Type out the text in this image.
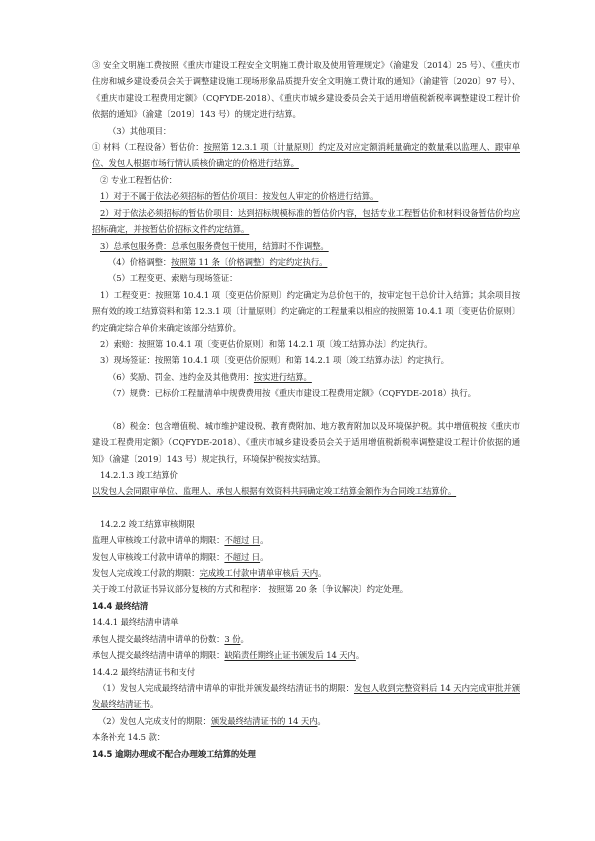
③ 安全文明施工费按照《重庆市建设工程安全文明施工费计取及使用管理规定》（渝建发〔2014〕25 号）、《重庆市住房和城乡建设委员会关于调整建设施工现场形象品质提升安全文明施工费计取的通知》（渝建管〔2020〕97 号）、《重庆市建设工程费用定额》（CQFYDE-2018）、《重庆市城乡建设委员会关于适用增值税新税率调整建设工程计价依据的通知》（渝建〔2019〕143 号）的规定进行结算。

（3）其他项目：

① 材料（工程设备）暂估价：按照第 12.3.1 项〔计量原则〕约定及对应定额消耗量确定的数量乘以监理人、跟审单位、发包人根据市场行情认质核价确定的价格进行结算。

② 专业工程暂估价：

1）对于不属于依法必须招标的暂估价项目：按发包人审定的价格进行结算。

2）对于依法必须招标的暂估价项目：达到招标规模标准的暂估价内容，包括专业工程暂估价和材料设备暂估价均应招标确定，并按暂估价招标文件约定结算。

3）总承包服务费：总承包服务费包干使用，结算时不作调整。

（4）价格调整：按照第 11 条〔价格调整〕约定约定执行。

（5）工程变更、索赔与现场签证：

1）工程变更：按照第 10.4.1 项〔变更估价原则〕约定确定为总价包干的，按审定包干总价计入结算；其余项目按照有效的竣工结算资料和第 12.3.1 项〔计量原则〕约定确定的工程量乘以相应的按照第 10.4.1 项〔变更估价原则〕约定确定综合单价来确定该部分结算价。

2）索赔：按照第 10.4.1 项〔变更估价原则〕和第 14.2.1 项〔竣工结算办法〕约定执行。

3）现场签证：按照第 10.4.1 项〔变更估价原则〕和第 14.2.1 项〔竣工结算办法〕约定执行。

（6）奖励、罚金、违约金及其他费用：按实进行结算。

（7）规费：已标价工程量清单中规费费用按《重庆市建设工程费用定额》（CQFYDE-2018）执行。

（8）税金：包含增值税、城市维护建设税、教育费附加、地方教育附加以及环境保护税。其中增值税按《重庆市建设工程费用定额》（CQFYDE-2018）、《重庆市城乡建设委员会关于适用增值税新税率调整建设工程计价依据的通知》（渝建〔2019〕143 号）规定执行，环境保护税按实结算。

14.2.1.3 竣工结算价

以发包人会同跟审单位、监理人、承包人根据有效资料共同确定竣工结算金额作为合同竣工结算价。

14.2.2 竣工结算审核期限

监理人审核竣工付款申请单的期限：不超过 日。

发包人审核竣工付款申请单的期限：不超过 日。

发包人完成竣工付款的期限：完成竣工付款申请单审核后 天内。

关于竣工付款证书异议部分复核的方式和程序： 按照第 20 条〔争议解决〕约定处理。

14.4 最终结清

14.4.1 最终结清申请单

承包人提交最终结清申请单的份数：3 份。

承包人提交最终结清申请单的期限：缺陷责任期终止证书颁发后 14 天内。

14.4.2 最终结清证书和支付

（1）发包人完成最终结清申请单的审批并颁发最终结清证书的期限：发包人收到完整资料后 14 天内完成审批并颁发最终结清证书。

（2）发包人完成支付的期限：颁发最终结清证书的 14 天内。

本条补充 14.5 款：

14.5 逾期办理或不配合办理竣工结算的处理
